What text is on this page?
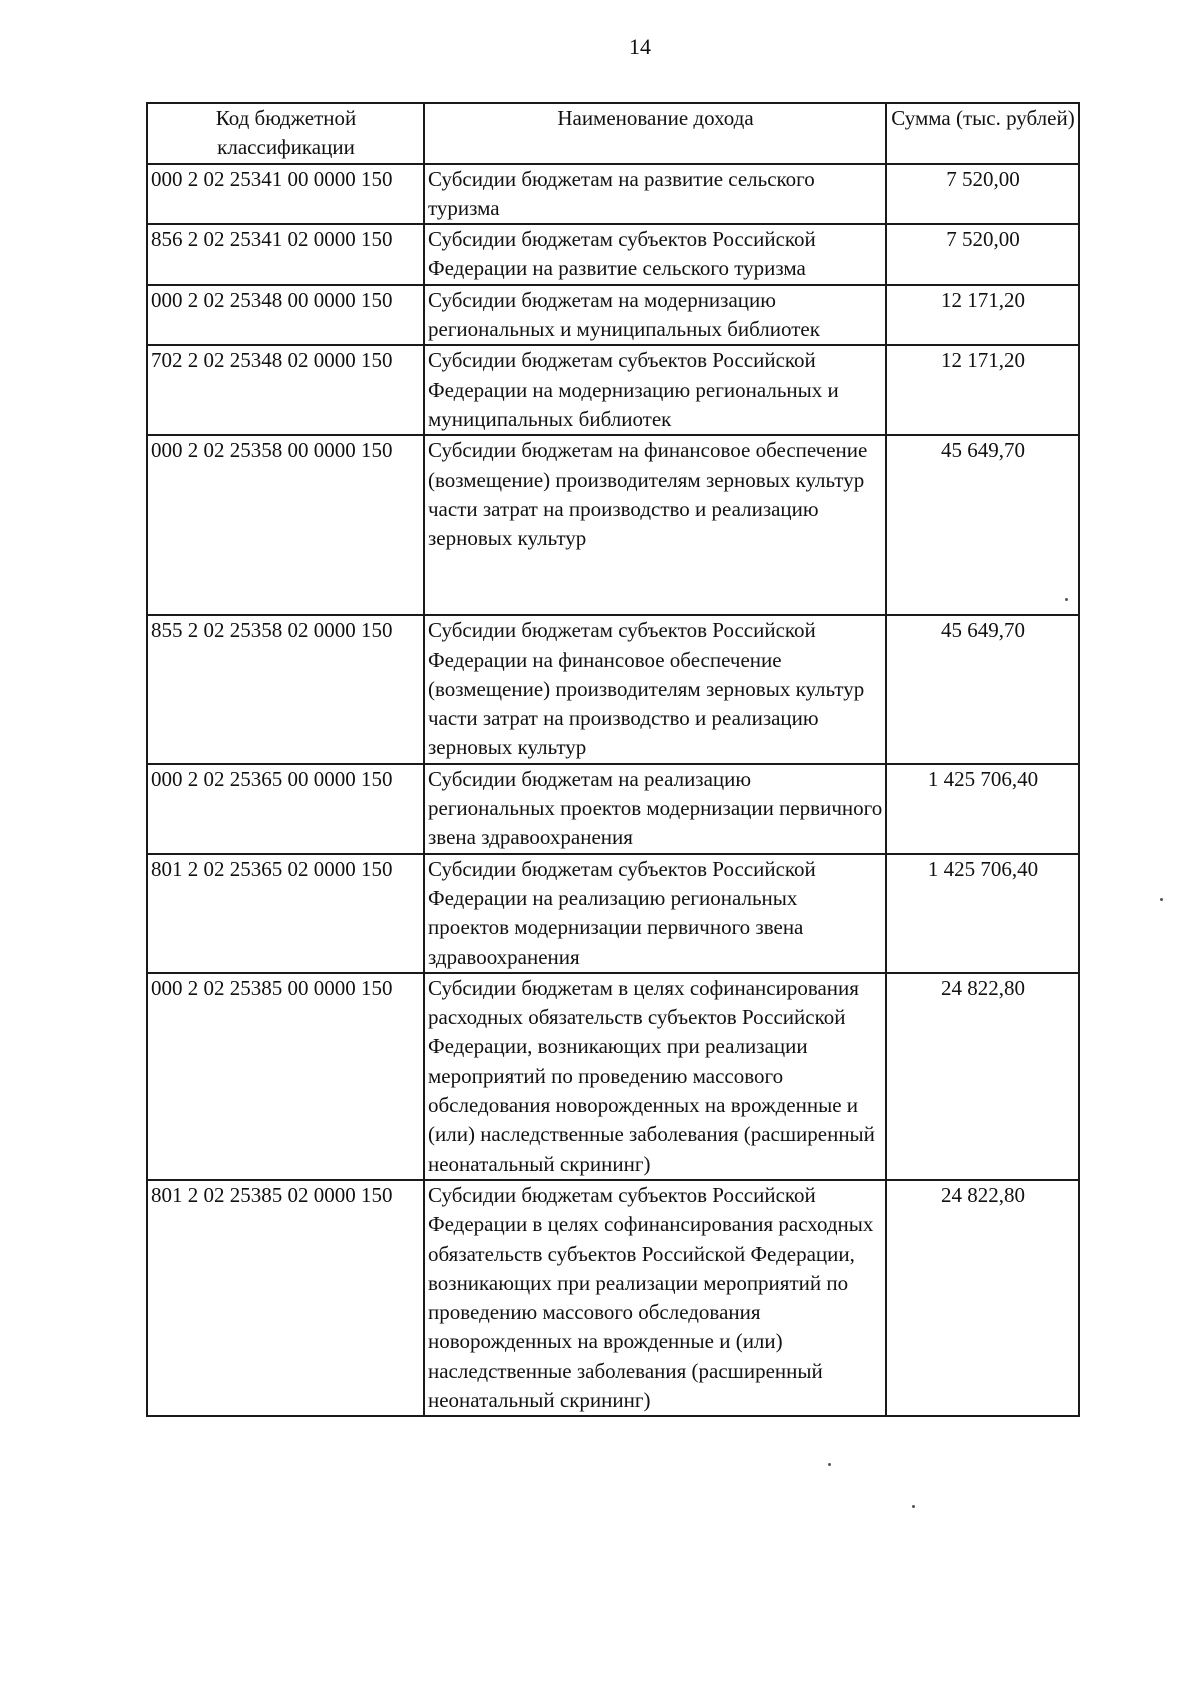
14
Код бюджетной классификации	Наименование дохода	Сумма (тыс. рублей)
000 2 02 25341 00 0000 150	Субсидии бюджетам на развитие сельского туризма	7 520,00
856 2 02 25341 02 0000 150	Субсидии бюджетам субъектов Российской Федерации на развитие сельского туризма	7 520,00
000 2 02 25348 00 0000 150	Субсидии бюджетам на модернизацию региональных и муниципальных библиотек	12 171,20
702 2 02 25348 02 0000 150	Субсидии бюджетам субъектов Российской Федерации на модернизацию региональных и муниципальных библиотек	12 171,20
000 2 02 25358 00 0000 150	Субсидии бюджетам на финансовое обеспечение (возмещение) производителям зерновых культур части затрат на производство и реализацию зерновых культур	45 649,70
855 2 02 25358 02 0000 150	Субсидии бюджетам субъектов Российской Федерации на финансовое обеспечение (возмещение) производителям зерновых культур части затрат на производство и реализацию зерновых культур	45 649,70
000 2 02 25365 00 0000 150	Субсидии бюджетам на реализацию региональных проектов модернизации первичного звена здравоохранения	1 425 706,40
801 2 02 25365 02 0000 150	Субсидии бюджетам субъектов Российской Федерации на реализацию региональных проектов модернизации первичного звена здравоохранения	1 425 706,40
000 2 02 25385 00 0000 150	Субсидии бюджетам в целях софинансирования расходных обязательств субъектов Российской Федерации, возникающих при реализации мероприятий по проведению массового обследования новорожденных на врожденные и (или) наследственные заболевания (расширенный неонатальный скрининг)	24 822,80
801 2 02 25385 02 0000 150	Субсидии бюджетам субъектов Российской Федерации в целях софинансирования расходных обязательств субъектов Российской Федерации, возникающих при реализации мероприятий по проведению массового обследования новорожденных на врожденные и (или) наследственные заболевания (расширенный неонатальный скрининг)	24 822,80
